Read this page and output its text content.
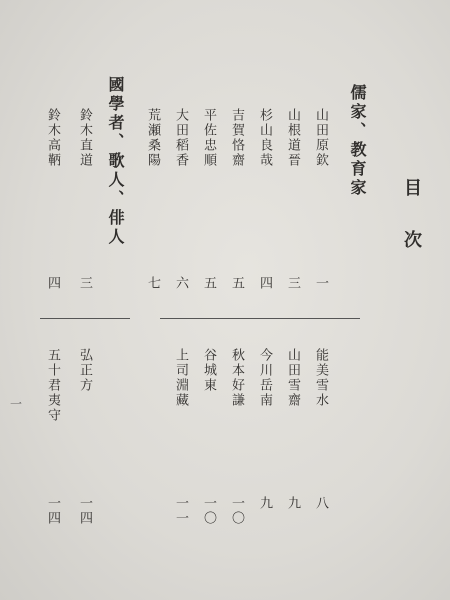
目次
儒家、教育家
國學者、歌人、俳人	山田原欽
一
山根道晉
三
杉山良哉
四
吉賀恪齋
五
平佐忠順
五
大田稻香
六
荒瀬桑陽
七
鈴木直道
三
鈴木高鞆
四
能美雪水
八
山田雪齋
九
今川岳南
九
秋本好謙
一〇
谷城東
一〇
上司淵藏
一一
弘正方
一四
五十君夷守
一四
一
